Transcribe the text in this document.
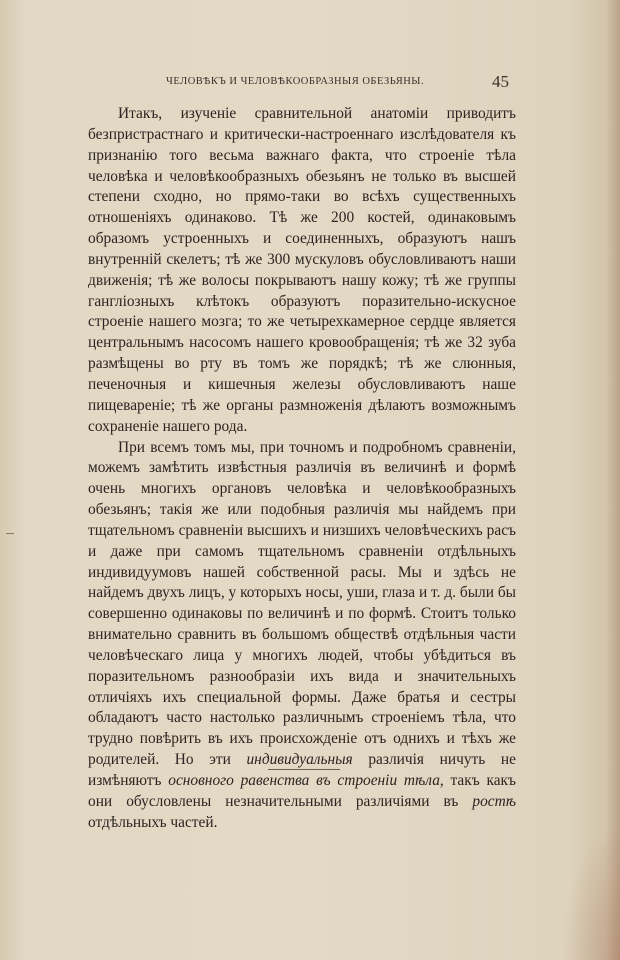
ЧЕЛОВѢКЪ И ЧЕЛОВѢКООБРАЗНЫЯ ОБЕЗЬЯНЫ.	45

Итакъ, изученіе сравнительной анатоміи приводитъ безпристрастнаго и критически-настроеннаго изслѣдователя къ признанію того весьма важнаго факта, что строеніе тѣла человѣка и человѣкообразныхъ обезьянъ не только въ высшей степени сходно, но прямо-таки во всѣхъ существенныхъ отношеніяхъ одинаково. Тѣ же 200 костей, одинаковымъ образомъ устроенныхъ и соединенныхъ, образуютъ нашъ внутренній скелетъ; тѣ же 300 мускуловъ обусловливаютъ наши движенія; тѣ же волосы покрываютъ нашу кожу; тѣ же группы гангліозныхъ клѣтокъ образуютъ поразительно-искусное строеніе нашего мозга; то же четырехкамерное сердце является центральнымъ насосомъ нашего кровообращенія; тѣ же 32 зуба размѣщены во рту въ томъ же порядкѣ; тѣ же слюнныя, печеночныя и кишечныя железы обусловливаютъ наше пищевареніе; тѣ же органы размноженія дѣлаютъ возможнымъ сохраненіе нашего рода.

При всемъ томъ мы, при точномъ и подробномъ сравненіи, можемъ замѣтить извѣстныя различія въ величинѣ и формѣ очень многихъ органовъ человѣка и человѣкообразныхъ обезьянъ; такія же или подобныя различія мы найдемъ при тщательномъ сравненіи высшихъ и низшихъ человѣческихъ расъ и даже при самомъ тщательномъ сравненіи отдѣльныхъ индивидуумовъ нашей собственной расы. Мы и здѣсь не найдемъ двухъ лицъ, у которыхъ носы, уши, глаза и т. д. были бы совершенно одинаковы по величинѣ и по формѣ. Стоитъ только внимательно сравнить въ большомъ обществѣ отдѣльныя части человѣческаго лица у многихъ людей, чтобы убѣдиться въ поразительномъ разнообразіи ихъ вида и значительныхъ отличіяхъ ихъ специальной формы. Даже братья и сестры обладаютъ часто настолько различнымъ строеніемъ тѣла, что трудно повѣрить въ ихъ происхожденіе отъ однихъ и тѣхъ же родителей. Но эти индивидуальныя различія ничуть не измѣняютъ основного равенства въ строеніи тѣла, такъ какъ они обусловлены незначительными различіями въ ростѣ отдѣльныхъ частей.
